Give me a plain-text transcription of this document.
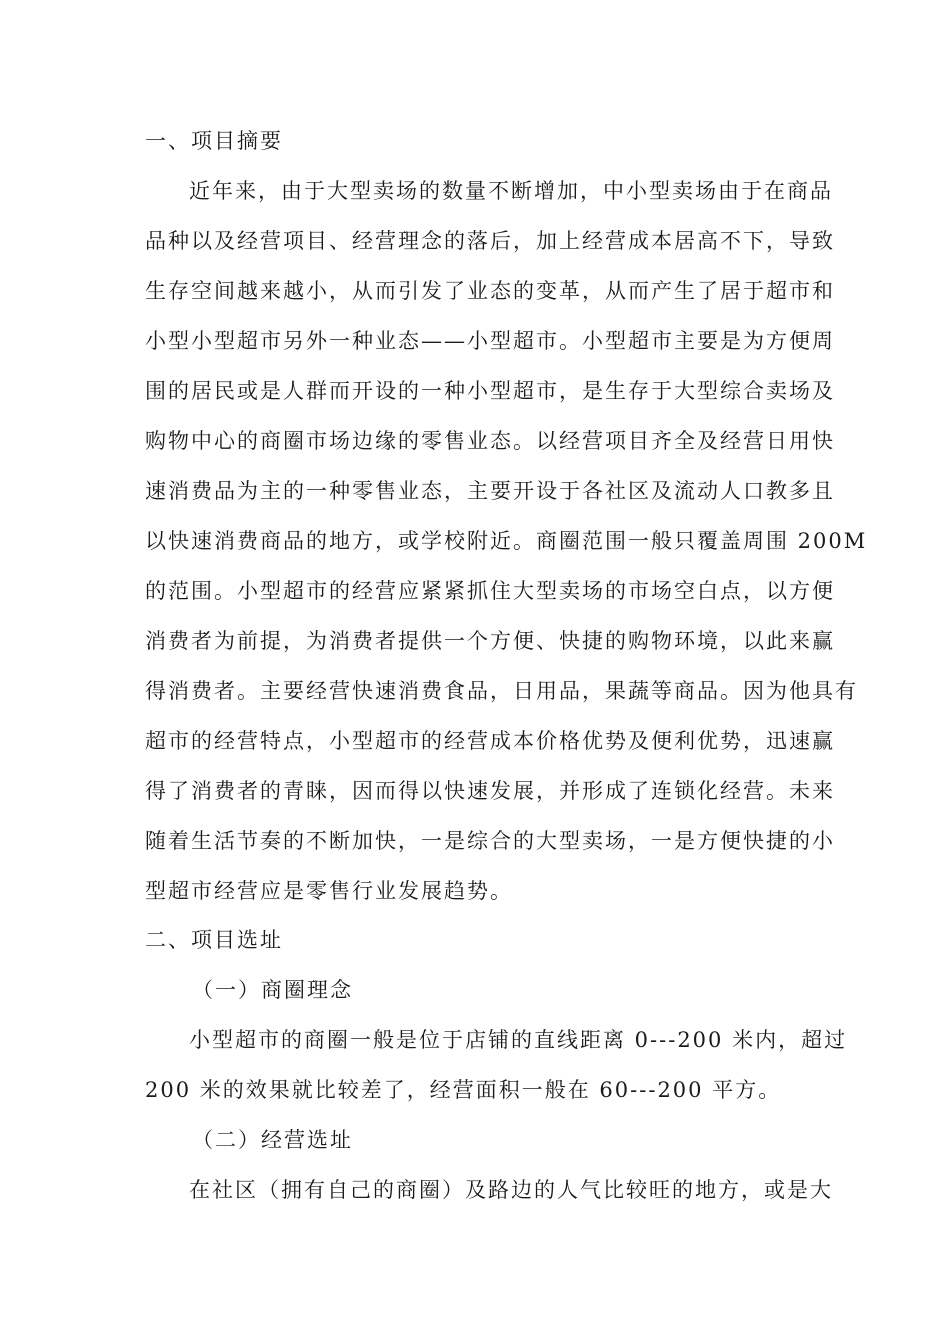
一、项目摘要
近年来，由于大型卖场的数量不断增加，中小型卖场由于在商品
品种以及经营项目、经营理念的落后，加上经营成本居高不下，导致
生存空间越来越小，从而引发了业态的变革，从而产生了居于超市和
小型小型超市另外一种业态——小型超市。小型超市主要是为方便周
围的居民或是人群而开设的一种小型超市，是生存于大型综合卖场及
购物中心的商圈市场边缘的零售业态。以经营项目齐全及经营日用快
速消费品为主的一种零售业态，主要开设于各社区及流动人口教多且
以快速消费商品的地方，或学校附近。商圈范围一般只覆盖周围 200M
的范围。小型超市的经营应紧紧抓住大型卖场的市场空白点，以方便
消费者为前提，为消费者提供一个方便、快捷的购物环境，以此来赢
得消费者。主要经营快速消费食品，日用品，果蔬等商品。因为他具有
超市的经营特点，小型超市的经营成本价格优势及便利优势，迅速赢
得了消费者的青睐，因而得以快速发展，并形成了连锁化经营。未来
随着生活节奏的不断加快，一是综合的大型卖场，一是方便快捷的小
型超市经营应是零售行业发展趋势。
二、项目选址
（一）商圈理念
小型超市的商圈一般是位于店铺的直线距离 0---200 米内，超过
200 米的效果就比较差了，经营面积一般在 60---200 平方。
（二）经营选址
在社区（拥有自己的商圈）及路边的人气比较旺的地方，或是大
